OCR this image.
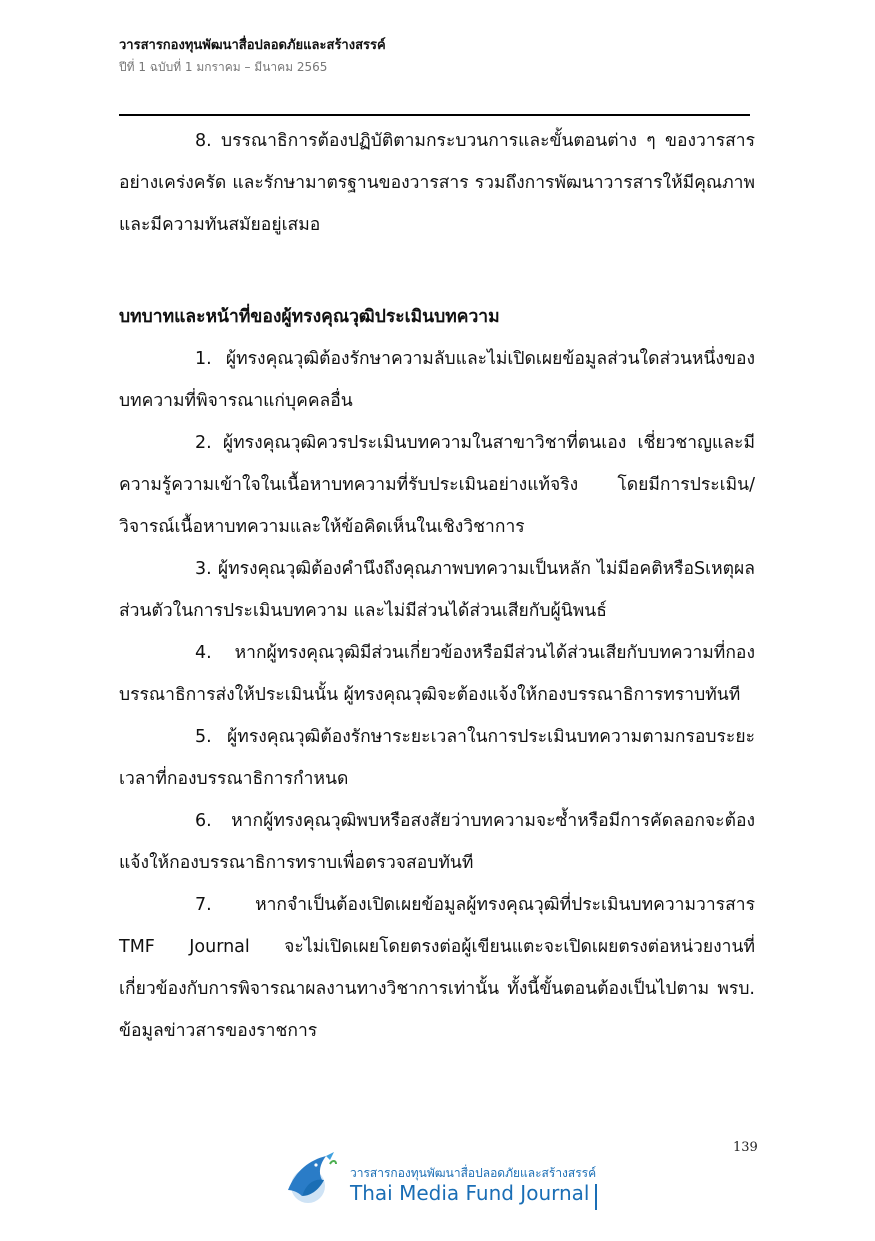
วารสารกองทุนพัฒนาสื่อปลอดภัยและสร้างสรรค์
ปีที่ 1 ฉบับที่ 1 มกราคม – มีนาคม 2565

8. บรรณาธิการต้องปฏิบัติตามกระบวนการและขั้นตอนต่าง ๆ ของวารสาร อย่างเคร่งครัด และรักษามาตรฐานของวารสาร รวมถึงการพัฒนาวารสารให้มีคุณภาพและมีความทันสมัยอยู่เสมอ

บทบาทและหน้าที่ของผู้ทรงคุณวุฒิประเมินบทความ

1. ผู้ทรงคุณวุฒิต้องรักษาความลับและไม่เปิดเผยข้อมูลส่วนใดส่วนหนึ่งของบทความที่พิจารณาแก่บุคคลอื่น

2. ผู้ทรงคุณวุฒิควรประเมินบทความในสาขาวิชาที่ตนเอง เชี่ยวชาญและมีความรู้ความเข้าใจในเนื้อหาบทความที่รับประเมินอย่างแท้จริง โดยมีการประเมิน/ วิจารณ์เนื้อหาบทความและให้ข้อคิดเห็นในเชิงวิชาการ

3. ผู้ทรงคุณวุฒิต้องคำนึงถึงคุณภาพบทความเป็นหลัก ไม่มีอคติหรือSเหตุผล ส่วนตัวในการประเมินบทความ และไม่มีส่วนได้ส่วนเสียกับผู้นิพนธ์

4. หากผู้ทรงคุณวุฒิมีส่วนเกี่ยวข้องหรือมีส่วนได้ส่วนเสียกับบทความที่กองบรรณาธิการส่งให้ประเมินนั้น ผู้ทรงคุณวุฒิจะต้องแจ้งให้กองบรรณาธิการทราบทันที

5. ผู้ทรงคุณวุฒิต้องรักษาระยะเวลาในการประเมินบทความตามกรอบระยะเวลาที่กองบรรณาธิการกำหนด

6. หากผู้ทรงคุณวุฒิพบหรือสงสัยว่าบทความจะซ้ำหรือมีการคัดลอกจะต้องแจ้งให้กองบรรณาธิการทราบเพื่อตรวจสอบทันที

7. หากจำเป็นต้องเปิดเผยข้อมูลผู้ทรงคุณวุฒิที่ประเมินบทความวารสาร TMF Journal จะไม่เปิดเผยโดยตรงต่อผู้เขียนแตะจะเปิดเผยตรงต่อหน่วยงานที่เกี่ยวข้องกับการพิจารณาผลงานทางวิชาการเท่านั้น ทั้งนี้ขั้นตอนต้องเป็นไปตาม พรบ. ข้อมูลข่าวสารของราชการ

139
วารสารกองทุนพัฒนาสื่อปลอดภัยและสร้างสรรค์
Thai Media Fund Journal
